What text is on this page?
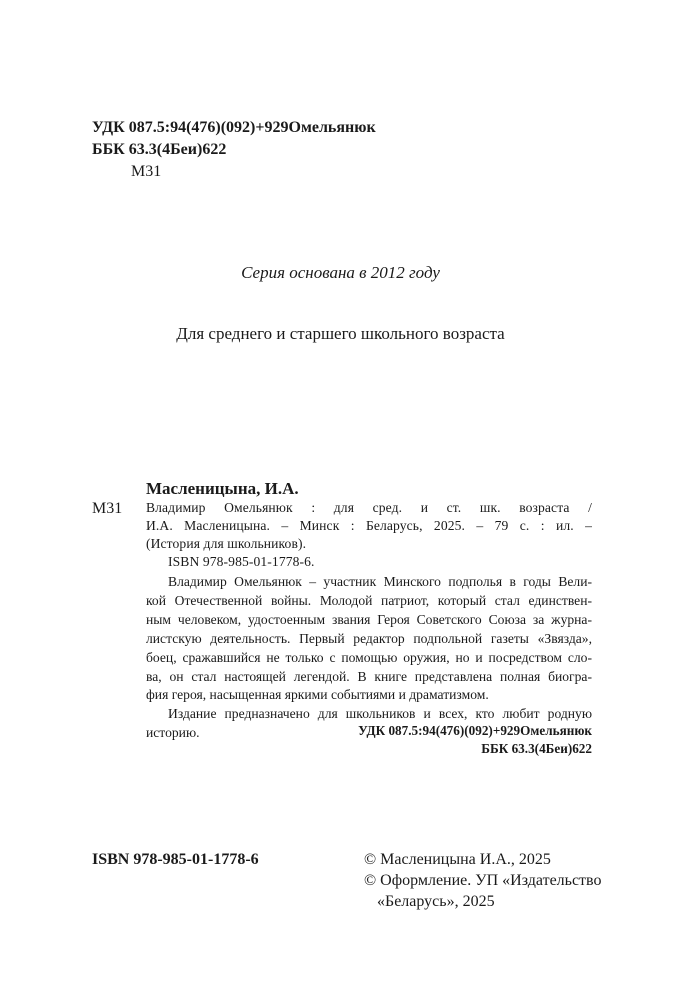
УДК 087.5:94(476)(092)+929Омельянюк
ББК 63.3(4Беи)622
М31
Серия основана в 2012 году
Для среднего и старшего школьного возраста
Масленицына, И.А.
М31 Владимир Омельянюк : для сред. и ст. шк. возраста /
И.А. Масленицына. – Минск : Беларусь, 2025. – 79 с. : ил. –
(История для школьников).
ISBN 978-985-01-1778-6.
Владимир Омельянюк – участник Минского подполья в годы Вели-
кой Отечественной войны. Молодой патриот, который стал единствен-
ным человеком, удостоенным звания Героя Советского Союза за журна-
листскую деятельность. Первый редактор подпольной газеты «Звязда»,
боец, сражавшийся не только с помощью оружия, но и посредством сло-
ва, он стал настоящей легендой. В книге представлена полная биогра-
фия героя, насыщенная яркими событиями и драматизмом.
Издание предназначено для школьников и всех, кто любит родную
историю.	УДК 087.5:94(476)(092)+929Омельянюк
ББК 63.3(4Беи)622
ISBN 978-985-01-1778-6	© Масленицына И.А., 2025
© Оформление. УП «Издательство
«Беларусь», 2025
